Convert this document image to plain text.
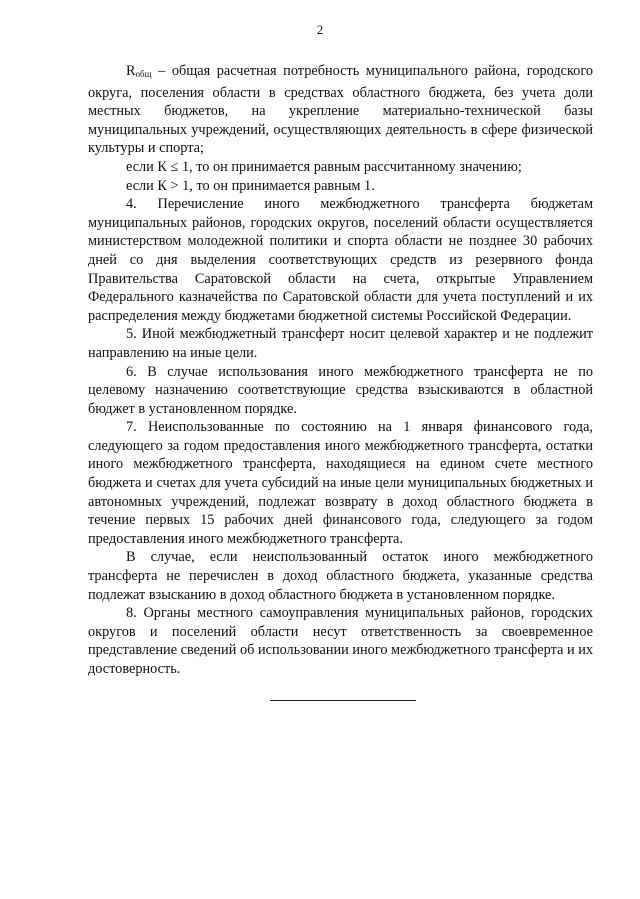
2

$R_{общ}$ – общая расчетная потребность муниципального района, городского округа, поселения области в средствах областного бюджета, без учета доли местных бюджетов, на укрепление материально-технической базы муниципальных учреждений, осуществляющих деятельность в сфере физической культуры и спорта;

если К ≤ 1, то он принимается равным рассчитанному значению;

если К > 1, то он принимается равным 1.

4. Перечисление иного межбюджетного трансферта бюджетам муниципальных районов, городских округов, поселений области осуществляется министерством молодежной политики и спорта области не позднее 30 рабочих дней со дня выделения соответствующих средств из резервного фонда Правительства Саратовской области на счета, открытые Управлением Федерального казначейства по Саратовской области для учета поступлений и их распределения между бюджетами бюджетной системы Российской Федерации.

5. Иной межбюджетный трансферт носит целевой характер и не подлежит направлению на иные цели.

6. В случае использования иного межбюджетного трансферта не по целевому назначению соответствующие средства взыскиваются в областной бюджет в установленном порядке.

7. Неиспользованные по состоянию на 1 января финансового года, следующего за годом предоставления иного межбюджетного трансферта, остатки иного межбюджетного трансферта, находящиеся на едином счете местного бюджета и счетах для учета субсидий на иные цели муниципальных бюджетных и автономных учреждений, подлежат возврату в доход областного бюджета в течение первых 15 рабочих дней финансового года, следующего за годом предоставления иного межбюджетного трансферта.

В случае, если неиспользованный остаток иного межбюджетного трансферта не перечислен в доход областного бюджета, указанные средства подлежат взысканию в доход областного бюджета в установленном порядке.

8. Органы местного самоуправления муниципальных районов, городских округов и поселений области несут ответственность за своевременное представление сведений об использовании иного межбюджетного трансферта и их достоверность.
